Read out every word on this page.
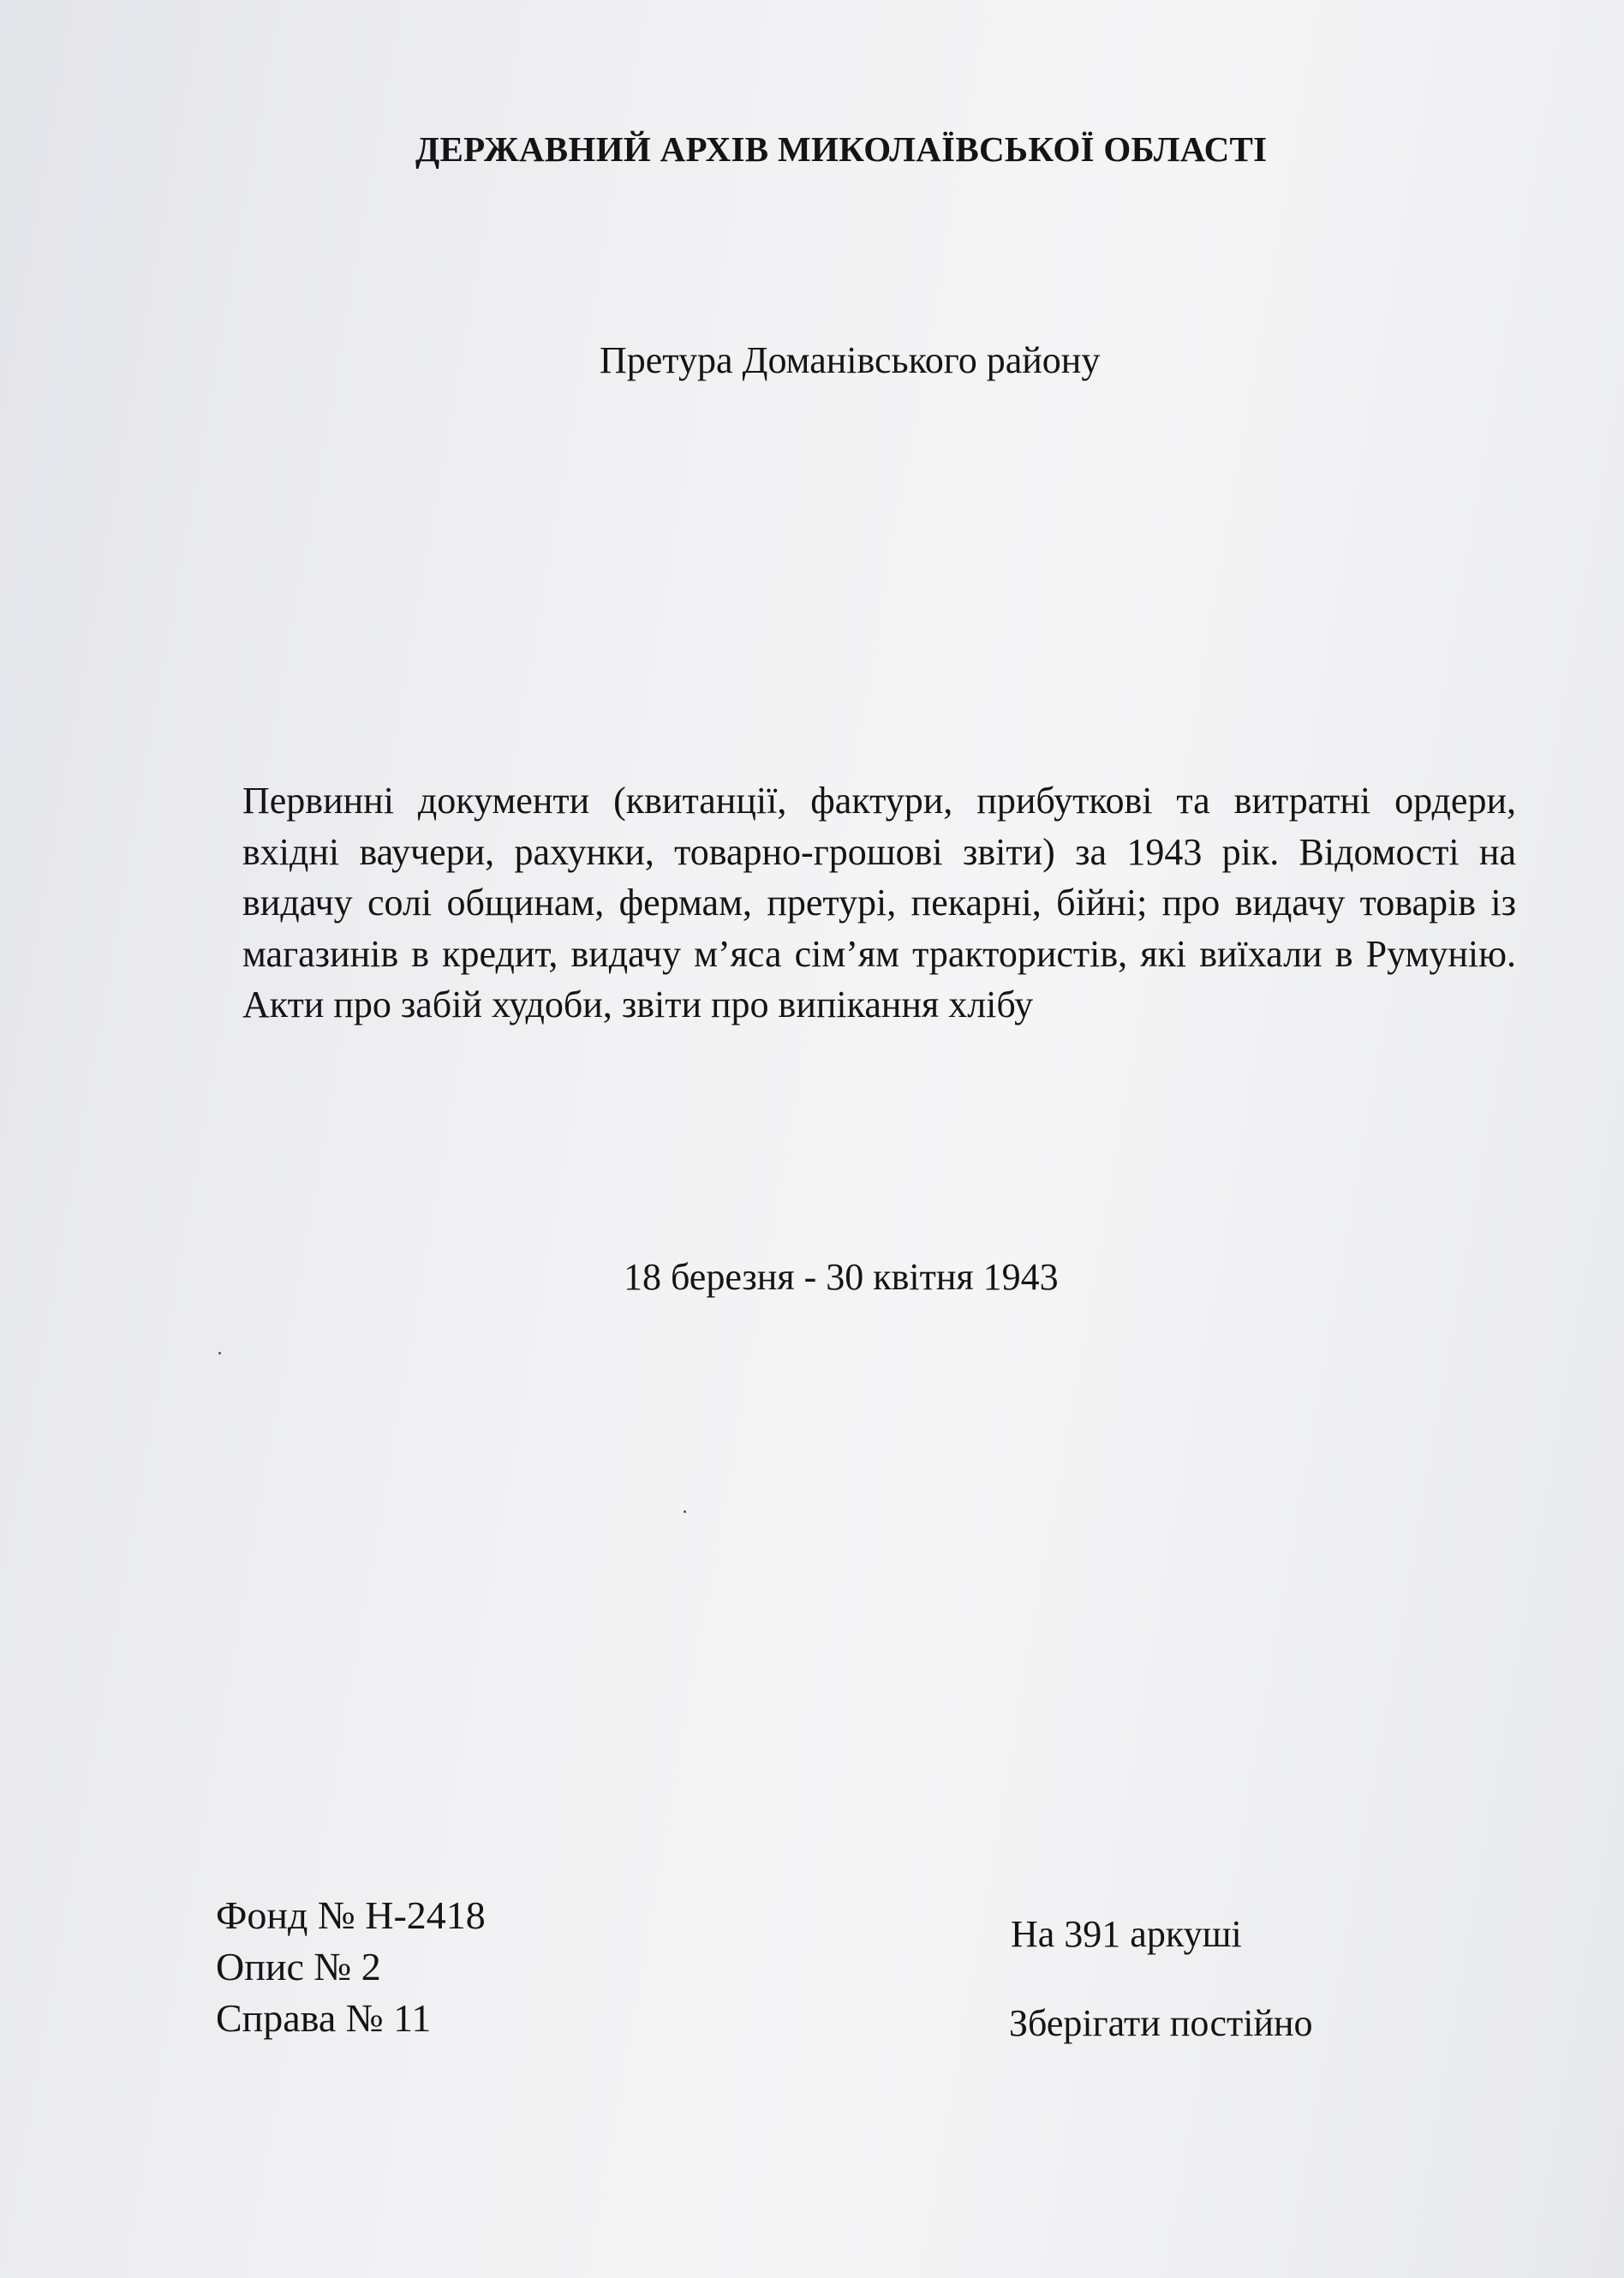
ДЕРЖАВНИЙ АРХІВ МИКОЛАЇВСЬКОЇ ОБЛАСТІ
Претура Доманівського району
Первинні документи (квитанції, фактури, прибуткові та витратні ордери, вхідні ваучери, рахунки, товарно-грошові звіти) за 1943 рік. Відомості на видачу солі общинам, фермам, претурі, пекарні, бійні; про видачу товарів із магазинів в кредит, видачу м’яса сім’ям трактористів, які виїхали в Румунію. Акти про забій худоби, звіти про випікання хлібу
18 березня - 30 квітня 1943
Фонд № Н-2418
Опис № 2
Справа № 11
На 391 аркуші
Зберігати постійно
